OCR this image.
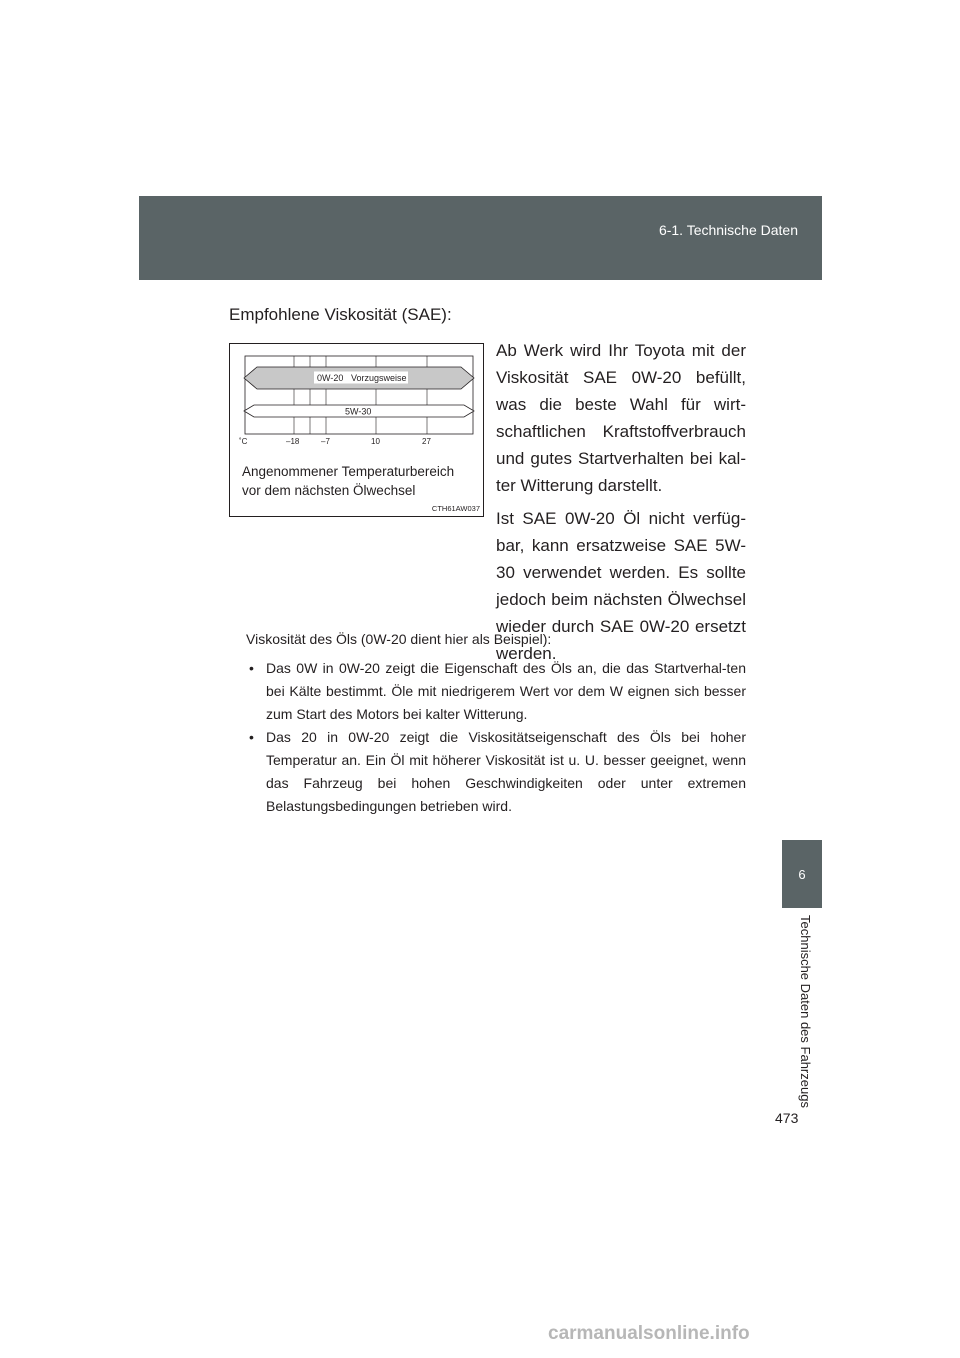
6-1. Technische Daten
6
Technische Daten des Fahrzeugs
473
Empfohlene Viskosität (SAE):
0W-20 Vorzugsweise
5W-30
˚C	–18	–7	10	27
Angenommener Temperaturbereich
vor dem nächsten Ölwechsel
CTH61AW037

Ab Werk wird Ihr Toyota mit der Viskosität SAE 0W-20 befüllt, was die beste Wahl für wirt-schaftlichen Kraftstoffverbrauch und gutes Startverhalten bei kal-ter Witterung darstellt.

Ist SAE 0W-20 Öl nicht verfüg-bar, kann ersatzweise SAE 5W-30 verwendet werden. Es sollte jedoch beim nächsten Ölwechsel wieder durch SAE 0W-20 ersetzt werden.

Viskosität des Öls (0W-20 dient hier als Beispiel):

• Das 0W in 0W-20 zeigt die Eigenschaft des Öls an, die das Startverhal-ten bei Kälte bestimmt. Öle mit niedrigerem Wert vor dem W eignen sich besser zum Start des Motors bei kalter Witterung.
• Das 20 in 0W-20 zeigt die Viskositätseigenschaft des Öls bei hoher Temperatur an. Ein Öl mit höherer Viskosität ist u. U. besser geeignet, wenn das Fahrzeug bei hohen Geschwindigkeiten oder unter extremen Belastungsbedingungen betrieben wird.
carmanualsonline.info
